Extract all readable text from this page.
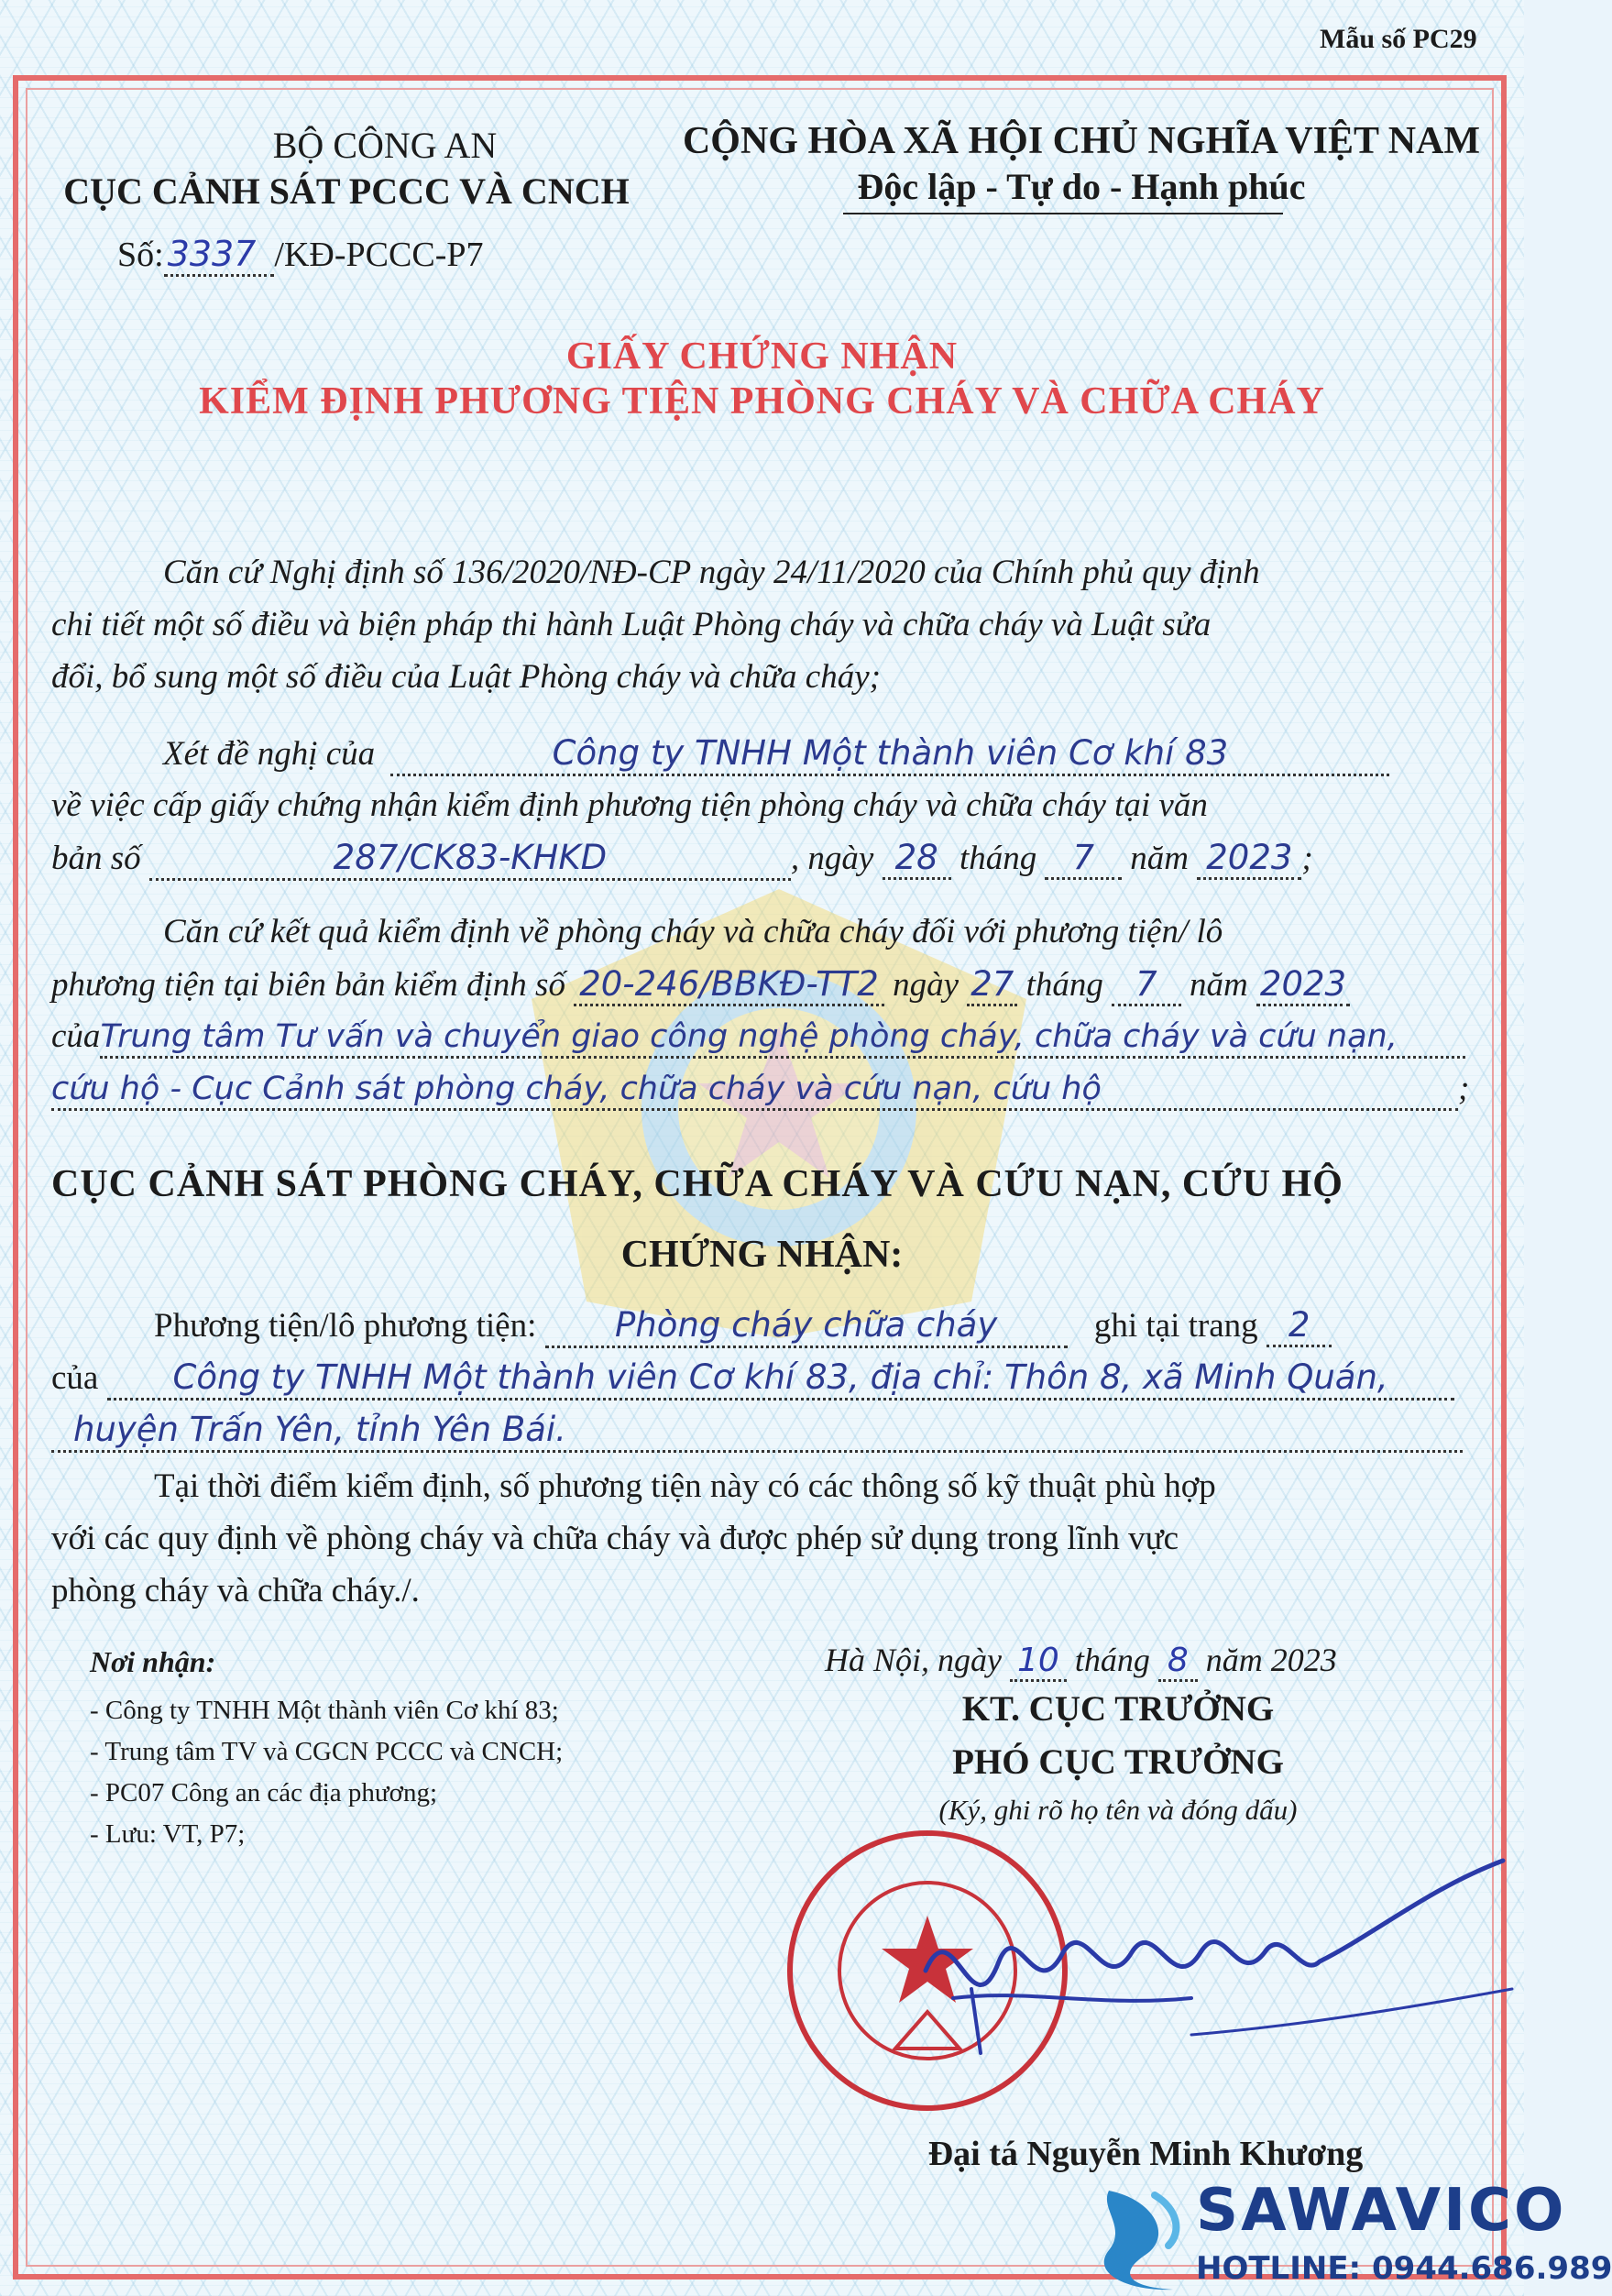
Mẫu số PC29
BỘ CÔNG AN
CỤC CẢNH SÁT PCCC VÀ CNCH
Số: 3337 /KĐ-PCCC-P7
CỘNG HÒA XÃ HỘI CHỦ NGHĨA VIỆT NAM
Độc lập - Tự do - Hạnh phúc
GIẤY CHỨNG NHẬN
KIỂM ĐỊNH PHƯƠNG TIỆN PHÒNG CHÁY VÀ CHỮA CHÁY
Căn cứ Nghị định số 136/2020/NĐ-CP ngày 24/11/2020 của Chính phủ quy định
chi tiết một số điều và biện pháp thi hành Luật Phòng cháy và chữa cháy và Luật sửa
đổi, bổ sung một số điều của Luật Phòng cháy và chữa cháy;
Xét đề nghị của	Công ty TNHH Một thành viên Cơ khí 83
về việc cấp giấy chứng nhận kiểm định phương tiện phòng cháy và chữa cháy tại văn
bản số	287/CK83-KHKD	, ngày 28 tháng 7 năm 2023 ;
Căn cứ kết quả kiểm định về phòng cháy và chữa cháy đối với phương tiện/ lô
phương tiện tại biên bản kiểm định số 20-246/BBKĐ-TT2 ngày 27 tháng 7 năm 2023
củaTrung tâm Tư vấn và chuyển giao công nghệ phòng cháy, chữa cháy và cứu nạn,
cứu hộ - Cục Cảnh sát phòng cháy, chữa cháy và cứu nạn, cứu hộ	;
CỤC CẢNH SÁT PHÒNG CHÁY, CHỮA CHÁY VÀ CỨU NẠN, CỨU HỘ
CHỨNG NHẬN:
Phương tiện/lô phương tiện: Phòng cháy chữa cháy	ghi tại trang 2
của Công ty TNHH Một thành viên Cơ khí 83, địa chỉ: Thôn 8, xã Minh Quán,
huyện Trấn Yên, tỉnh Yên Bái.
Tại thời điểm kiểm định, số phương tiện này có các thông số kỹ thuật phù hợp
với các quy định về phòng cháy và chữa cháy và được phép sử dụng trong lĩnh vực
phòng cháy và chữa cháy./.
Nơi nhận:
- Công ty TNHH Một thành viên Cơ khí 83;
- Trung tâm TV và CGCN PCCC và CNCH;
- PC07 Công an các địa phương;
- Lưu: VT, P7;
Hà Nội, ngày 10 tháng 8 năm 2023
KT. CỤC TRƯỞNG
PHÓ CỤC TRƯỞNG
(Ký, ghi rõ họ tên và đóng dấu)
Đại tá Nguyễn Minh Khương
SAWAVICO
HOTLINE: 0944.686.989
